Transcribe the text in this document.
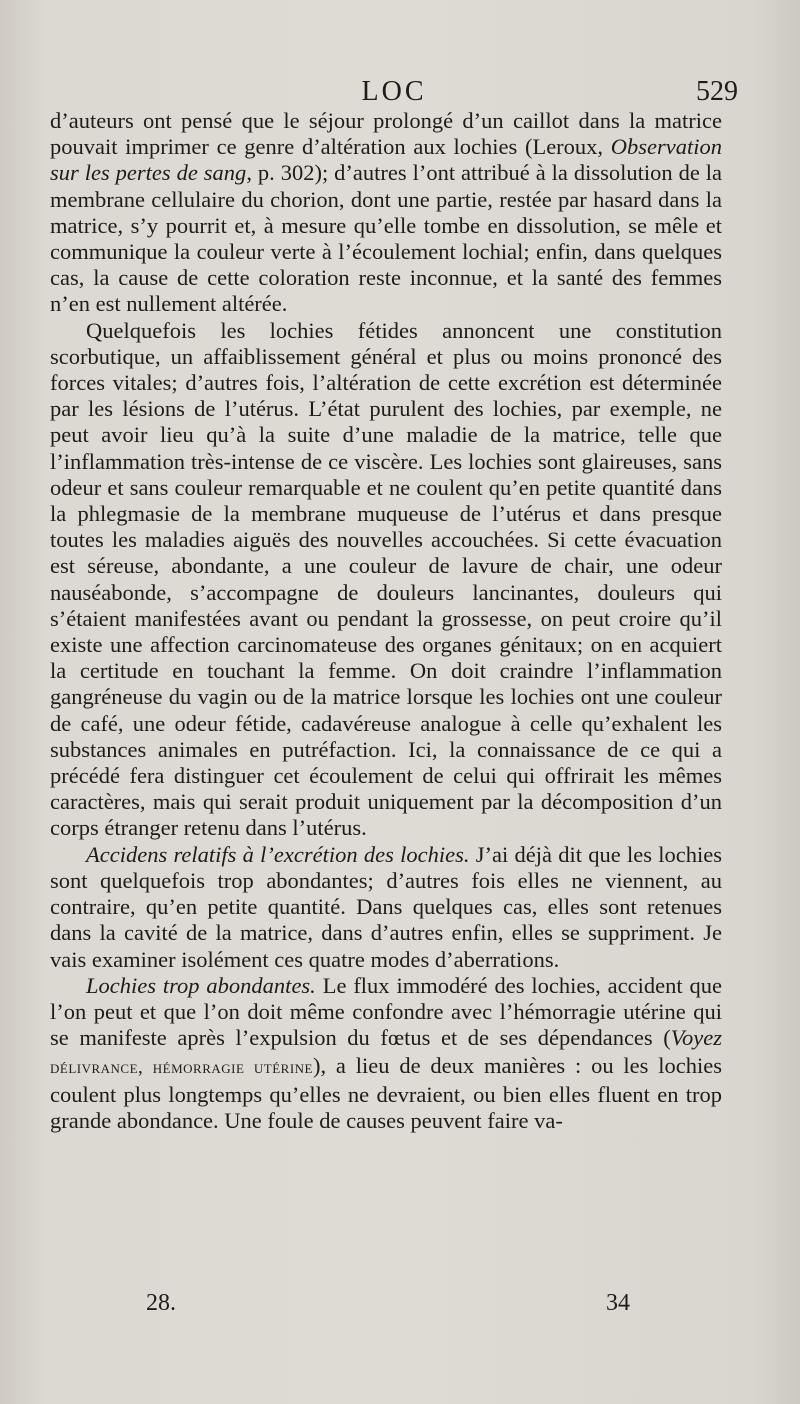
LOC	529

d’auteurs ont pensé que le séjour prolongé d’un caillot dans la matrice pouvait imprimer ce genre d’altération aux lochies (Leroux, Observation sur les pertes de sang, p. 302); d’autres l’ont attribué à la dissolution de la membrane cellulaire du chorion, dont une partie, restée par hasard dans la matrice, s’y pourrit et, à mesure qu’elle tombe en dissolution, se mêle et communique la couleur verte à l’écoulement lochial; enfin, dans quelques cas, la cause de cette coloration reste inconnue, et la santé des femmes n’en est nullement altérée.

Quelquefois les lochies fétides annoncent une constitution scorbutique, un affaiblissement général et plus ou moins prononcé des forces vitales; d’autres fois, l’altération de cette excrétion est déterminée par les lésions de l’utérus. L’état purulent des lochies, par exemple, ne peut avoir lieu qu’à la suite d’une maladie de la matrice, telle que l’inflammation très-intense de ce viscère. Les lochies sont glaireuses, sans odeur et sans couleur remarquable et ne coulent qu’en petite quantité dans la phlegmasie de la membrane muqueuse de l’utérus et dans presque toutes les maladies aiguës des nouvelles accouchées. Si cette évacuation est séreuse, abondante, a une couleur de lavure de chair, une odeur nauséabonde, s’accompagne de douleurs lancinantes, douleurs qui s’étaient manifestées avant ou pendant la grossesse, on peut croire qu’il existe une affection carcinomateuse des organes génitaux; on en acquiert la certitude en touchant la femme. On doit craindre l’inflammation gangréneuse du vagin ou de la matrice lorsque les lochies ont une couleur de café, une odeur fétide, cadavéreuse analogue à celle qu’exhalent les substances animales en putréfaction. Ici, la connaissance de ce qui a précédé fera distinguer cet écoulement de celui qui offrirait les mêmes caractères, mais qui serait produit uniquement par la décomposition d’un corps étranger retenu dans l’utérus.

Accidens relatifs à l’excrétion des lochies. J’ai déjà dit que les lochies sont quelquefois trop abondantes; d’autres fois elles ne viennent, au contraire, qu’en petite quantité. Dans quelques cas, elles sont retenues dans la cavité de la matrice, dans d’autres enfin, elles se suppriment. Je vais examiner isolément ces quatre modes d’aberrations.

Lochies trop abondantes. Le flux immodéré des lochies, accident que l’on peut et que l’on doit même confondre avec l’hémorragie utérine qui se manifeste après l’expulsion du fœtus et de ses dépendances (Voyez délivrance, hémorragie utérine), a lieu de deux manières : ou les lochies coulent plus longtemps qu’elles ne devraient, ou bien elles fluent en trop grande abondance. Une foule de causes peuvent faire va-

28.	34
